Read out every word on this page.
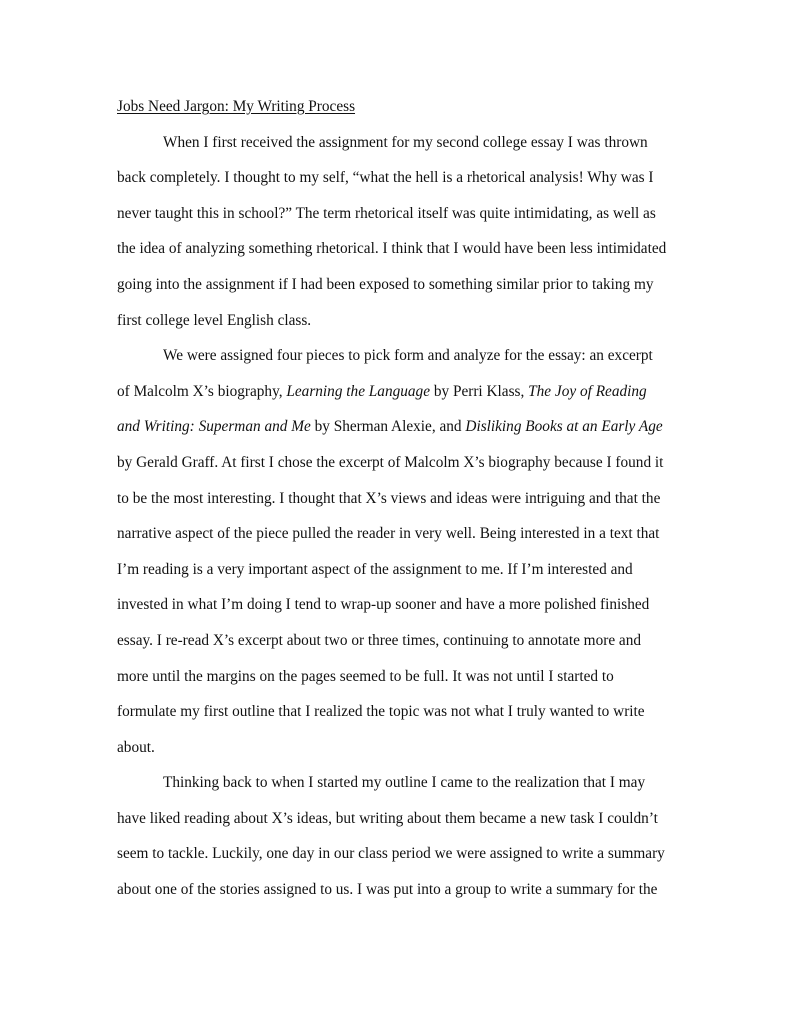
Jobs Need Jargon: My Writing Process

When I first received the assignment for my second college essay I was thrown
back completely. I thought to my self, “what the hell is a rhetorical analysis! Why was I
never taught this in school?” The term rhetorical itself was quite intimidating, as well as
the idea of analyzing something rhetorical. I think that I would have been less intimidated
going into the assignment if I had been exposed to something similar prior to taking my
first college level English class.
We were assigned four pieces to pick form and analyze for the essay: an excerpt
of Malcolm X’s biography, Learning the Language by Perri Klass, The Joy of Reading
and Writing: Superman and Me by Sherman Alexie, and Disliking Books at an Early Age
by Gerald Graff. At first I chose the excerpt of Malcolm X’s biography because I found it
to be the most interesting. I thought that X’s views and ideas were intriguing and that the
narrative aspect of the piece pulled the reader in very well. Being interested in a text that
I’m reading is a very important aspect of the assignment to me. If I’m interested and
invested in what I’m doing I tend to wrap-up sooner and have a more polished finished
essay. I re-read X’s excerpt about two or three times, continuing to annotate more and
more until the margins on the pages seemed to be full. It was not until I started to
formulate my first outline that I realized the topic was not what I truly wanted to write
about.
Thinking back to when I started my outline I came to the realization that I may
have liked reading about X’s ideas, but writing about them became a new task I couldn’t
seem to tackle. Luckily, one day in our class period we were assigned to write a summary
about one of the stories assigned to us. I was put into a group to write a summary for the
